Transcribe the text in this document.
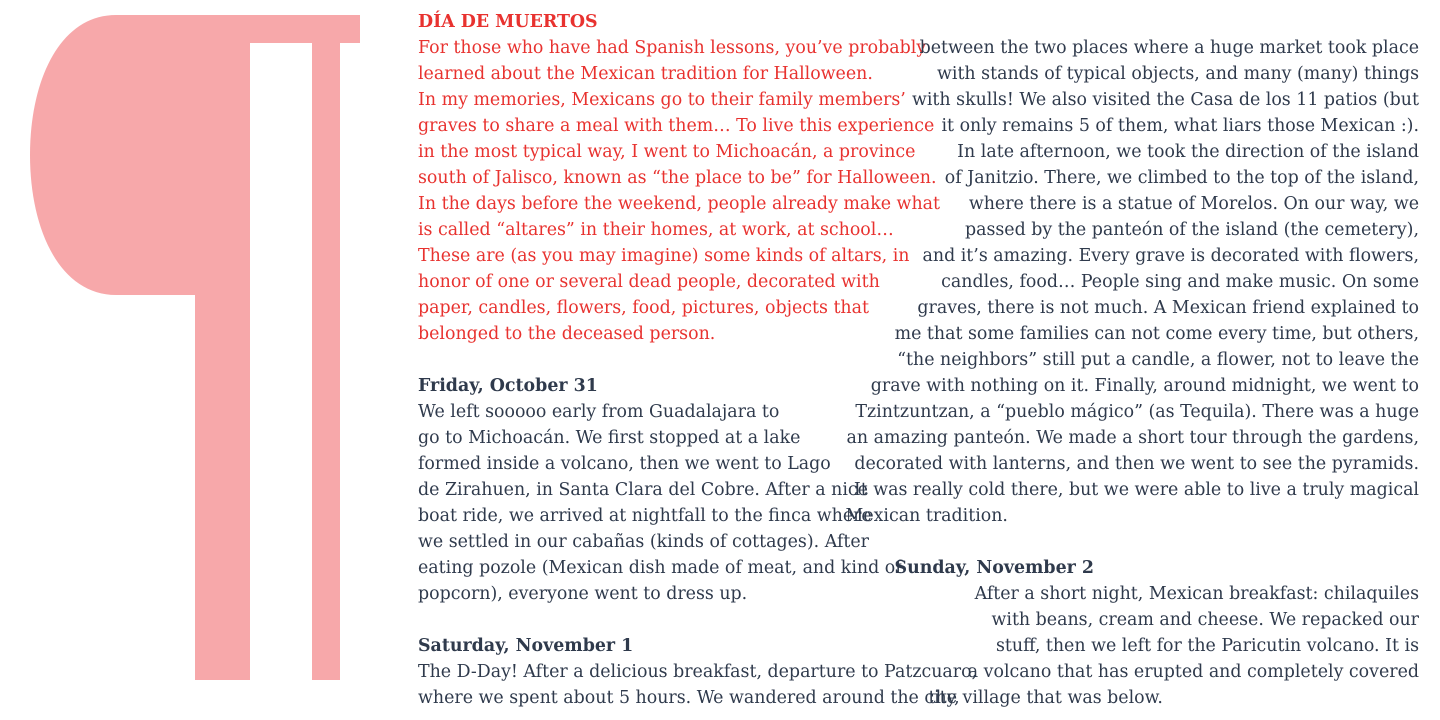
DÍA DE MUERTOS
For those who have had Spanish lessons, you’ve probably
learned about the Mexican tradition for Halloween.
In my memories, Mexicans go to their family members’
graves to share a meal with them… To live this experience
in the most typical way, I went to Michoacán, a province
south of Jalisco, known as “the place to be” for Halloween.
In the days before the weekend, people already make what
is called “altares” in their homes, at work, at school…
These are (as you may imagine) some kinds of altars, in
honor of one or several dead people, decorated with
paper, candles, flowers, food, pictures, objects that
belonged to the deceased person.
Friday, October 31
We left sooooo early from Guadalajara to
go to Michoacán. We first stopped at a lake
formed inside a volcano, then we went to Lago
de Zirahuen, in Santa Clara del Cobre. After a nice
boat ride, we arrived at nightfall to the finca where
we settled in our cabañas (kinds of cottages). After
eating pozole (Mexican dish made of meat, and kind of
popcorn), everyone went to dress up.
Saturday, November 1
The D-Day! After a delicious breakfast, departure to Patzcuaro,
where we spent about 5 hours. We wandered around the city,
between the two places where a huge market took place
with stands of typical objects, and many (many) things
with skulls! We also visited the Casa de los 11 patios (but
it only remains 5 of them, what liars those Mexican :).
In late afternoon, we took the direction of the island
of Janitzio. There, we climbed to the top of the island,
where there is a statue of Morelos. On our way, we
passed by the panteón of the island (the cemetery),
and it’s amazing. Every grave is decorated with flowers,
candles, food… People sing and make music. On some
graves, there is not much. A Mexican friend explained to
me that some families can not come every time, but others,
“the neighbors” still put a candle, a flower, not to leave the
grave with nothing on it. Finally, around midnight, we went to
Tzintzuntzan, a “pueblo mágico” (as Tequila). There was a huge
an amazing panteón. We made a short tour through the gardens,
decorated with lanterns, and then we went to see the pyramids.
It was really cold there, but we were able to live a truly magical
Mexican tradition.
Sunday, November 2
After a short night, Mexican breakfast: chilaquiles
with beans, cream and cheese. We repacked our
stuff, then we left for the Paricutin volcano. It is
a volcano that has erupted and completely covered
the village that was below.
